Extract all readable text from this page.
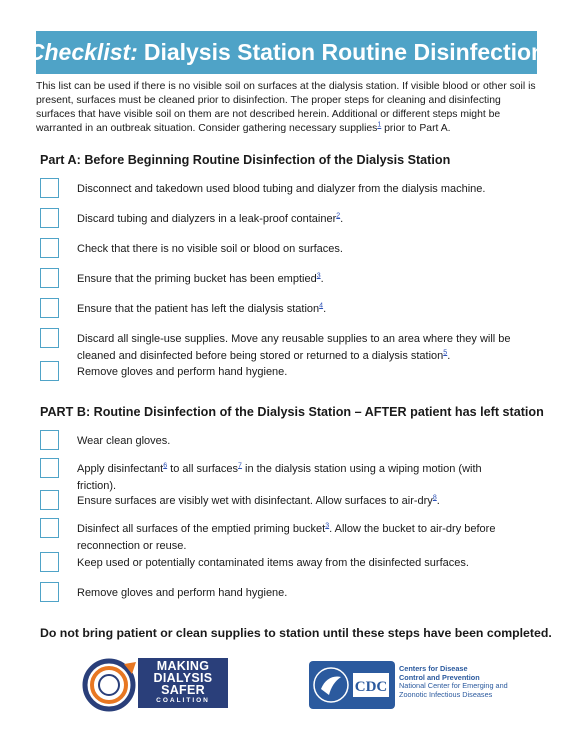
Checklist: Dialysis Station Routine Disinfection
This list can be used if there is no visible soil on surfaces at the dialysis station. If visible blood or other soil is present, surfaces must be cleaned prior to disinfection. The proper steps for cleaning and disinfecting surfaces that have visible soil on them are not described herein. Additional or different steps might be warranted in an outbreak situation. Consider gathering necessary supplies$^1$ prior to Part A.
Part A: Before Beginning Routine Disinfection of the Dialysis Station
Disconnect and takedown used blood tubing and dialyzer from the dialysis machine.
Discard tubing and dialyzers in a leak-proof container$^2$.
Check that there is no visible soil or blood on surfaces.
Ensure that the priming bucket has been emptied$^3$.
Ensure that the patient has left the dialysis station$^4$.
Discard all single-use supplies. Move any reusable supplies to an area where they will be cleaned and disinfected before being stored or returned to a dialysis station$^5$.
Remove gloves and perform hand hygiene.
PART B: Routine Disinfection of the Dialysis Station – AFTER patient has left station
Wear clean gloves.
Apply disinfectant$^6$ to all surfaces$^7$ in the dialysis station using a wiping motion (with friction).
Ensure surfaces are visibly wet with disinfectant. Allow surfaces to air-dry$^8$.
Disinfect all surfaces of the emptied priming bucket$^3$. Allow the bucket to air-dry before reconnection or reuse.
Keep used or potentially contaminated items away from the disinfected surfaces.
Remove gloves and perform hand hygiene.
Do not bring patient or clean supplies to station until these steps have been completed.
MAKING
DIALYSIS
SAFER
COALITION
CDC
Centers for Disease
Control and Prevention
National Center for Emerging and
Zoonotic Infectious Diseases
